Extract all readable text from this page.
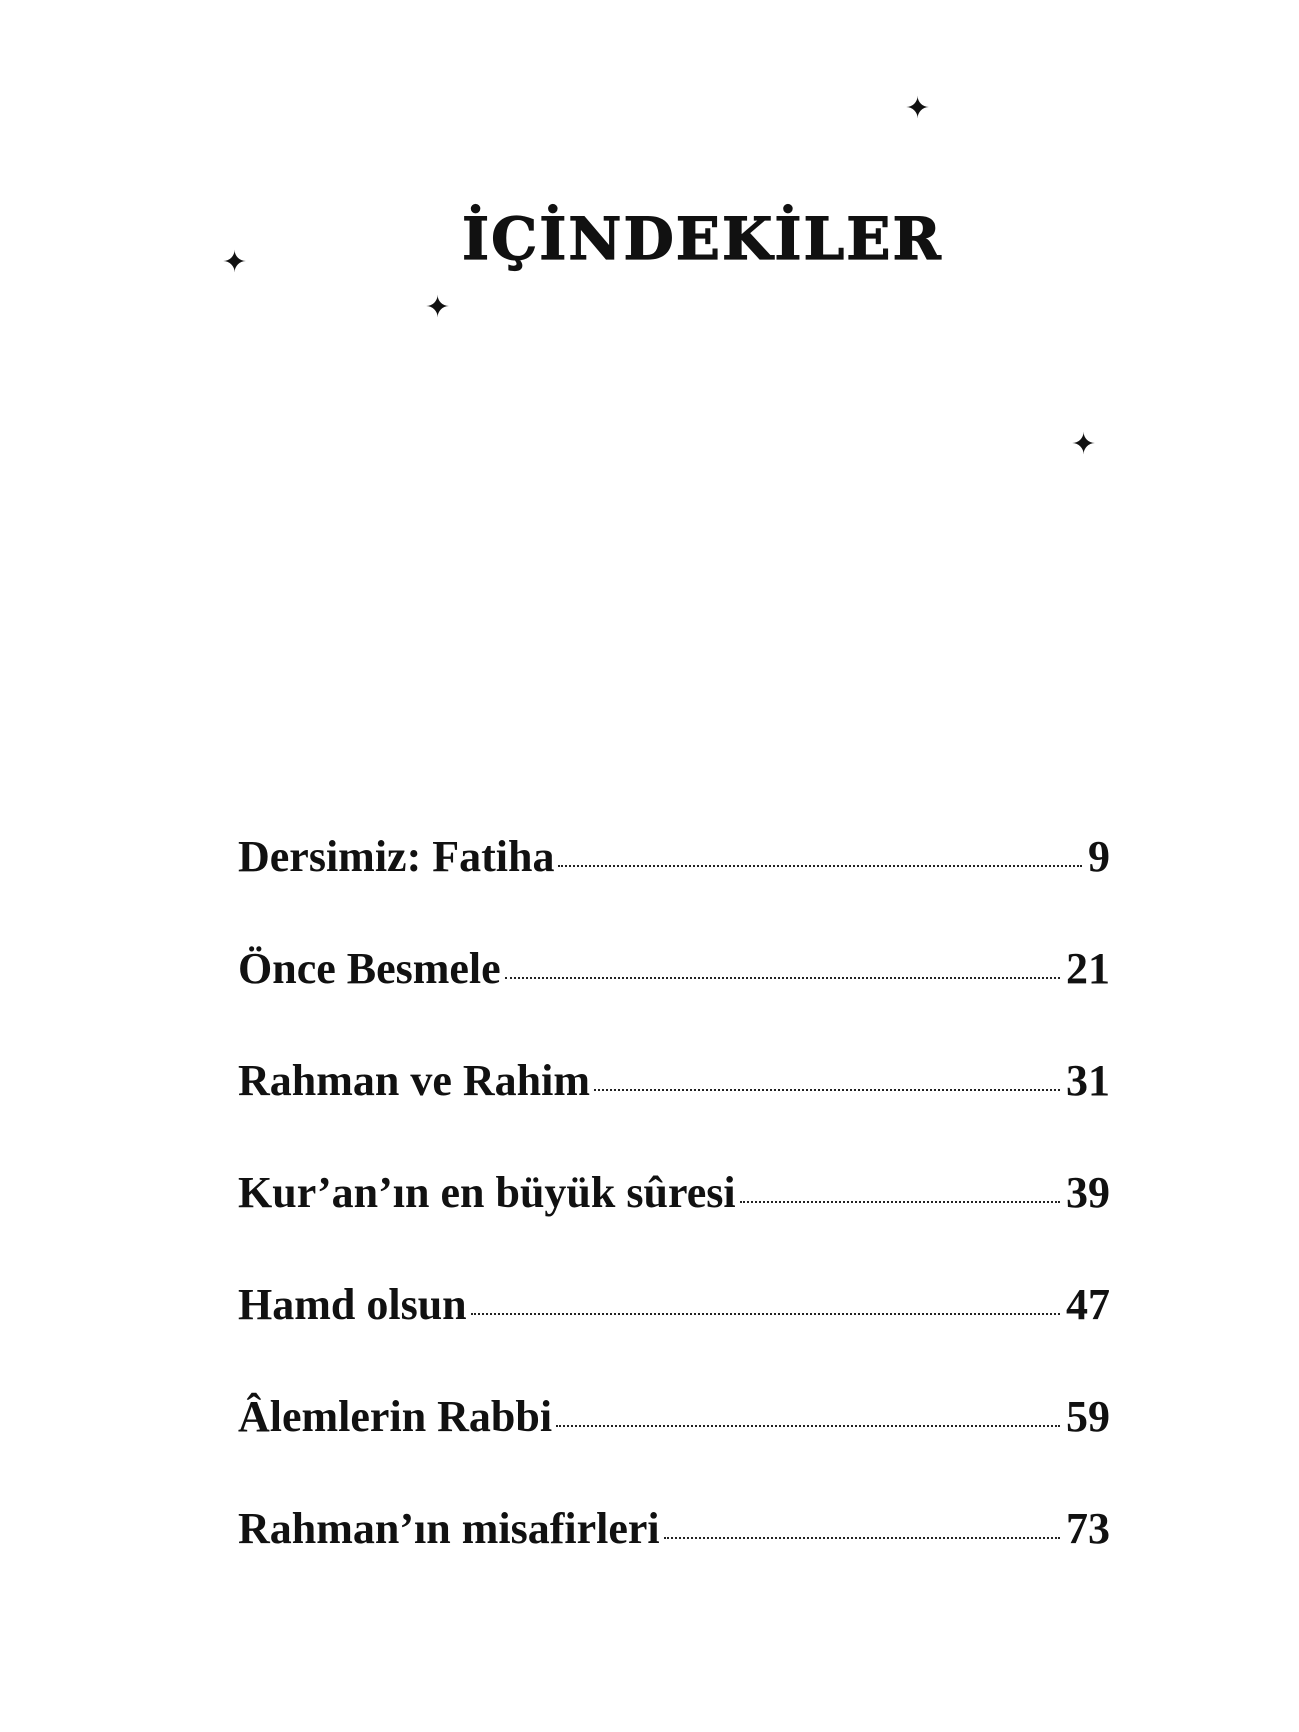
✦
✦
✦
✦
İÇİNDEKİLER
Dersimiz: Fatiha	9
Önce Besmele	21
Rahman ve Rahim	31
Kur’an’ın en büyük sûresi	39
Hamd olsun	47
Âlemlerin Rabbi	59
Rahman’ın misafirleri	73
